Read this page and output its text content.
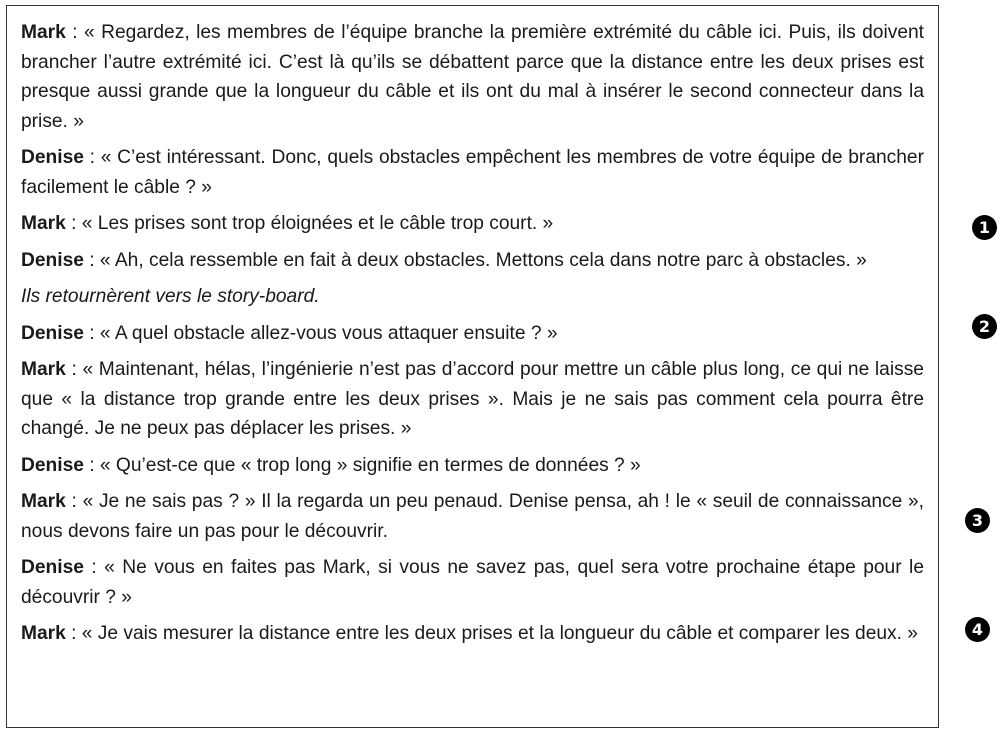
Mark : « Regardez, les membres de l’équipe branche la première extrémité du câble ici. Puis, ils doivent brancher l’autre extrémité ici. C’est là qu’ils se débattent parce que la distance entre les deux prises est presque aussi grande que la longueur du câble et ils ont du mal à insérer le second connecteur dans la prise. »

Denise : « C’est intéressant. Donc, quels obstacles empêchent les membres de votre équipe de brancher facilement le câble ? »

Mark : « Les prises sont trop éloignées et le câble trop court. »

Denise : « Ah, cela ressemble en fait à deux obstacles. Mettons cela dans notre parc à obstacles. »

Ils retournèrent vers le story-board.

Denise : « A quel obstacle allez-vous vous attaquer ensuite ? »

Mark : « Maintenant, hélas, l’ingénierie n’est pas d’accord pour mettre un câble plus long, ce qui ne laisse que « la distance trop grande entre les deux prises ». Mais je ne sais pas comment cela pourra être changé. Je ne peux pas déplacer les prises. »

Denise : « Qu’est-ce que « trop long » signifie en termes de données ? »

Mark : « Je ne sais pas ? » Il la regarda un peu penaud. Denise pensa, ah ! le « seuil de connaissance », nous devons faire un pas pour le découvrir.

Denise : « Ne vous en faites pas Mark, si vous ne savez pas, quel sera votre prochaine étape pour le découvrir ? »

Mark : « Je vais mesurer la distance entre les deux prises et la longueur du câble et comparer les deux. »

1
2
3
4
